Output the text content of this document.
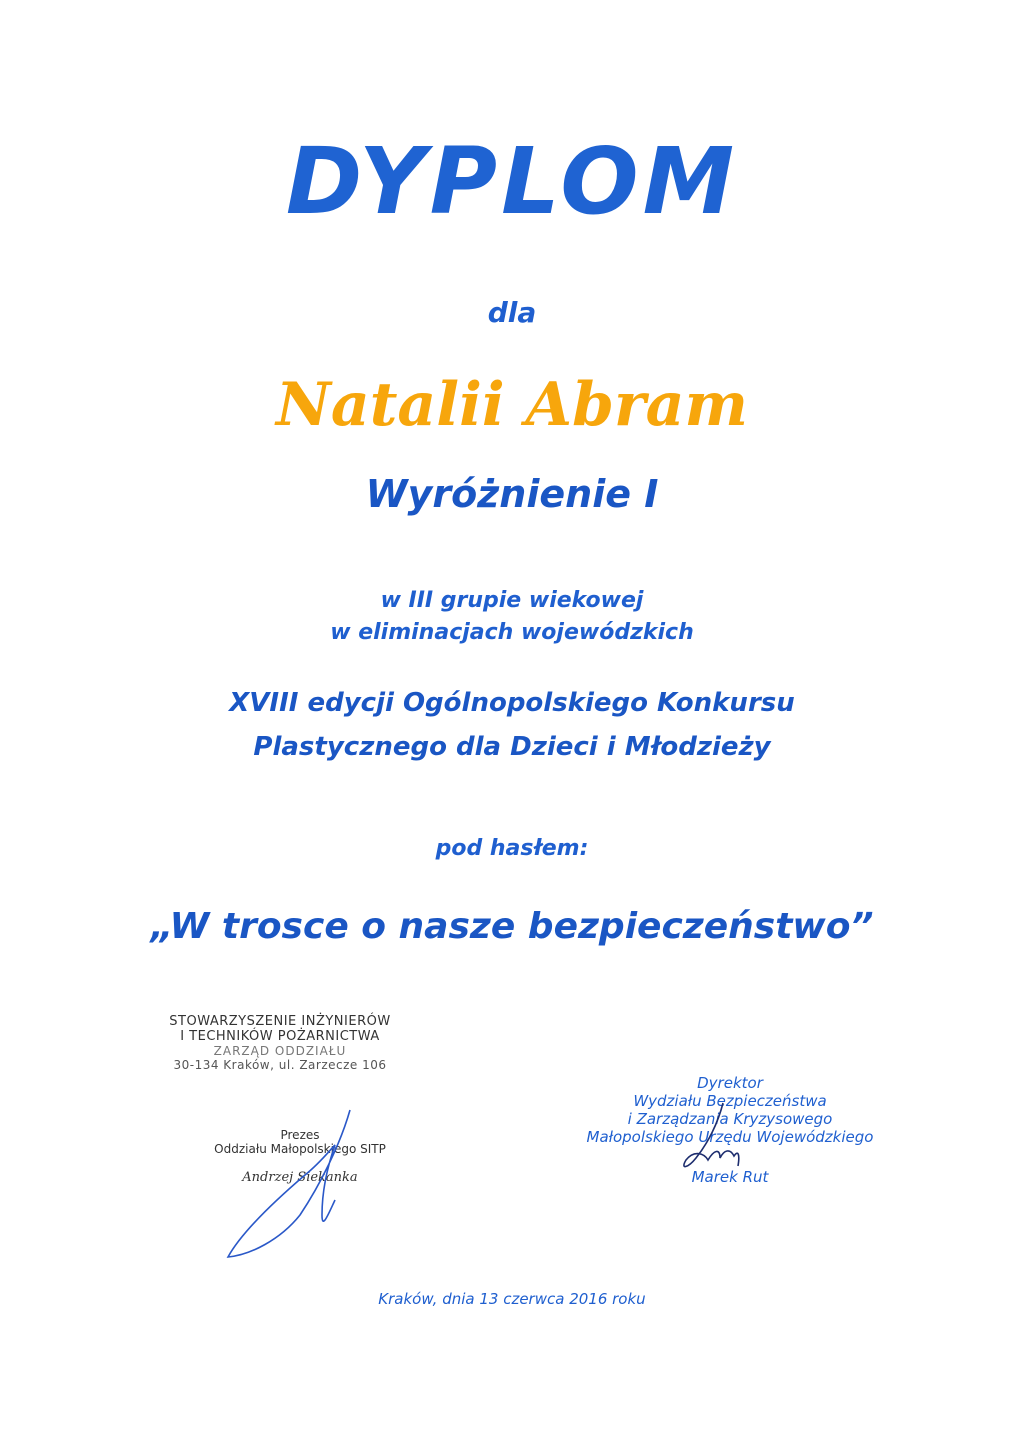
DYPLOM
dla
Natalii Abram
Wyróżnienie I
w III grupie wiekowej
w eliminacjach wojewódzkich
XVIII edycji Ogólnopolskiego Konkursu
Plastycznego dla Dzieci i Młodzieży
pod hasłem:
„W trosce o nasze bezpieczeństwo”
STOWARZYSZENIE INŻYNIERÓW
I TECHNIKÓW POŻARNICTWA
ZARZĄD ODDZIAŁU
30-134 Kraków, ul. Zarzecze 106
Prezes
Oddziału Małopolskiego SITP
Andrzej Siekanka
Dyrektor
Wydziału Bezpieczeństwa
i Zarządzania Kryzysowego
Małopolskiego Urzędu Wojewódzkiego
Marek Rut
Kraków, dnia 13 czerwca 2016 roku
